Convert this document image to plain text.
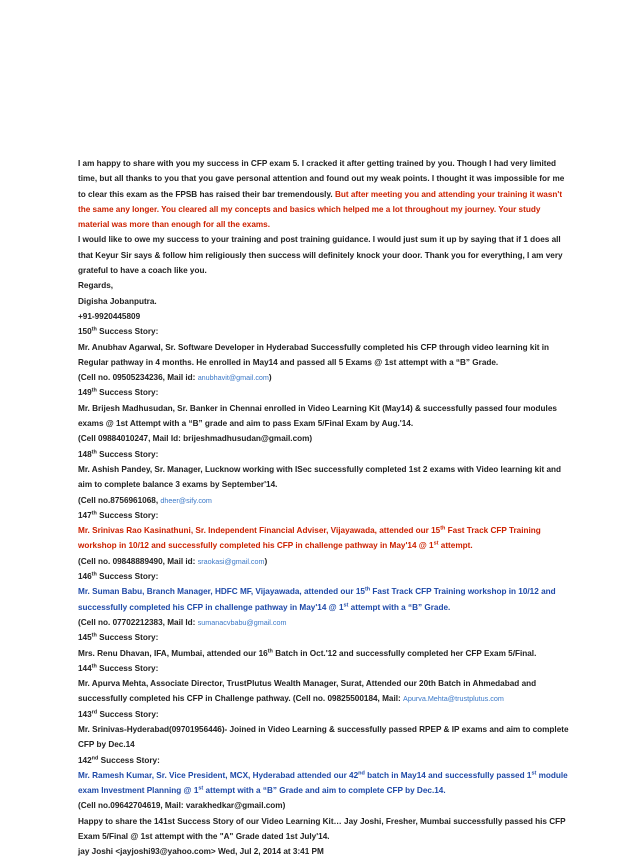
I am happy to share with you my success in CFP exam 5. I cracked it after getting trained by you. Though I had very limited time, but all thanks to you that you gave personal attention and found out my weak points. I thought it was impossible for me to clear this exam as the FPSB has raised their bar tremendously. But after meeting you and attending your training it wasn't the same any longer. You cleared all my concepts and basics which helped me a lot throughout my journey. Your study material was more than enough for all the exams.

I would like to owe my success to your training and post training guidance. I would just sum it up by saying that if 1 does all that Keyur Sir says & follow him religiously then success will definitely knock your door. Thank you for everything, I am very grateful to have a coach like you.

Regards,

Digisha Jobanputra.

+91-9920445809

150th Success Story:

Mr. Anubhav Agarwal, Sr. Software Developer in Hyderabad Successfully completed his CFP through video learning kit in Regular pathway in 4 months. He enrolled in May14 and passed all 5 Exams @ 1st attempt with a “B” Grade.

(Cell no. 09505234236, Mail id: anubhavit@gmail.com)

149th Success Story:

Mr. Brijesh Madhusudan, Sr. Banker in Chennai enrolled in Video Learning Kit (May14) & successfully passed four modules exams @ 1st Attempt with a “B” grade and aim to pass Exam 5/Final Exam by Aug.'14.

(Cell 09884010247, Mail Id: brijeshmadhusudan@gmail.com)

148th Success Story:

Mr. Ashish Pandey, Sr. Manager, Lucknow working with ISec successfully completed 1st 2 exams with Video learning kit and aim to complete balance 3 exams by September'14.

(Cell no.8756961068, dheer@sify.com

147th Success Story:

Mr. Srinivas Rao Kasinathuni, Sr. Independent Financial Adviser, Vijayawada, attended our 15th Fast Track CFP Training workshop in 10/12 and successfully completed his CFP in challenge pathway in May'14 @ 1st attempt.

(Cell no. 09848889490, Mail id: sraokasi@gmail.com)

146th Success Story:

Mr. Suman Babu, Branch Manager, HDFC MF, Vijayawada, attended our 15th Fast Track CFP Training workshop in 10/12 and successfully completed his CFP in challenge pathway in May'14 @ 1st attempt with a “B” Grade.

(Cell no. 07702212383, Mail Id: sumanacvbabu@gmail.com

145th Success Story:

Mrs. Renu Dhavan, IFA, Mumbai, attended our 16th Batch in Oct.'12 and successfully completed her CFP Exam 5/Final.

144th Success Story:

Mr. Apurva Mehta, Associate Director, TrustPlutus Wealth Manager, Surat, Attended our 20th Batch in Ahmedabad and successfully completed his CFP in Challenge pathway. (Cell no. 09825500184, Mail: Apurva.Mehta@trustplutus.com

143rd Success Story:

Mr. Srinivas-Hyderabad(09701956446)- Joined in Video Learning & successfully passed RPEP & IP exams and aim to complete CFP by Dec.14

142nd Success Story:

Mr. Ramesh Kumar, Sr. Vice President, MCX, Hyderabad attended our 42nd batch in May14 and successfully passed 1st module exam Investment Planning @ 1st attempt with a “B” Grade and aim to complete CFP by Dec.14.

(Cell no.09642704619, Mail: varakhedkar@gmail.com)

Happy to share the 141st Success Story of our Video Learning Kit… Jay Joshi, Fresher, Mumbai successfully passed his CFP Exam 5/Final @ 1st attempt with the "A" Grade dated 1st July'14.

jay Joshi <jayjoshi93@yahoo.com> Wed, Jul 2, 2014 at 3:41 PM
